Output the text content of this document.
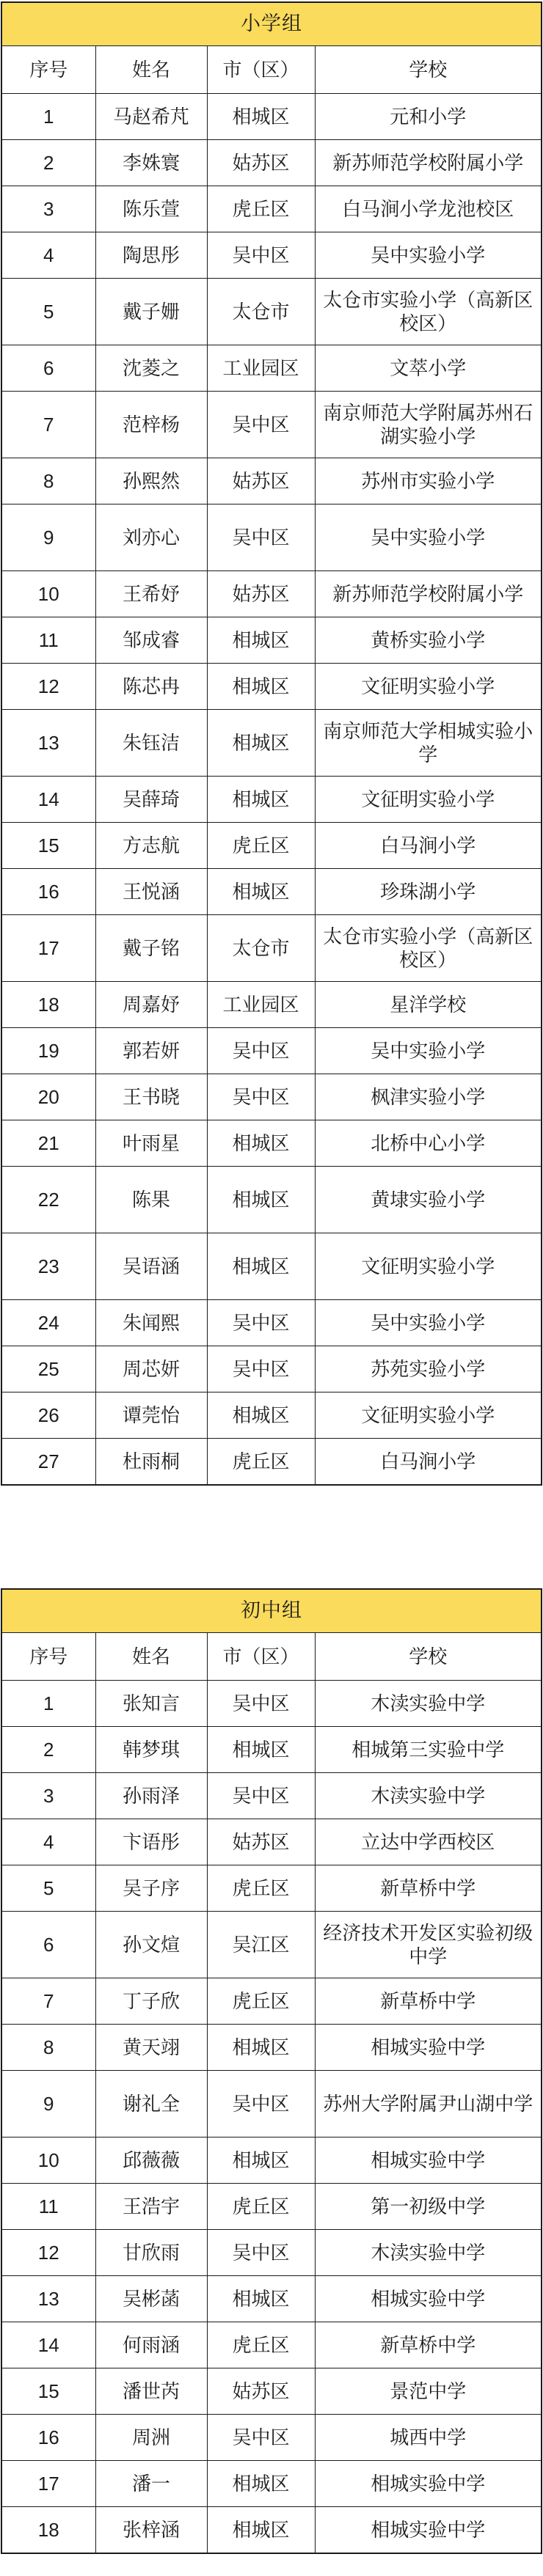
小学组			
序号	姓名	市（区）	学校
1	马赵希芃	相城区	元和小学
2	李姝寰	姑苏区	新苏师范学校附属小学
3	陈乐萱	虎丘区	白马涧小学龙池校区
4	陶思彤	吴中区	吴中实验小学
5	戴子姗	太仓市	太仓市实验小学（高新区校区）
6	沈菱之	工业园区	文萃小学
7	范梓杨	吴中区	南京师范大学附属苏州石湖实验小学
8	孙熙然	姑苏区	苏州市实验小学
9	刘亦心	吴中区	吴中实验小学
10	王希妤	姑苏区	新苏师范学校附属小学
11	邹成睿	相城区	黄桥实验小学
12	陈芯冉	相城区	文征明实验小学
13	朱钰洁	相城区	南京师范大学相城实验小学
14	吴薛琦	相城区	文征明实验小学
15	方志航	虎丘区	白马涧小学
16	王悦涵	相城区	珍珠湖小学
17	戴子铭	太仓市	太仓市实验小学（高新区校区）
18	周嘉妤	工业园区	星洋学校
19	郭若妍	吴中区	吴中实验小学
20	王书晓	吴中区	枫津实验小学
21	叶雨星	相城区	北桥中心小学
22	陈果	相城区	黄埭实验小学
23	吴语涵	相城区	文征明实验小学
24	朱闻熙	吴中区	吴中实验小学
25	周芯妍	吴中区	苏苑实验小学
26	谭莞怡	相城区	文征明实验小学
27	杜雨桐	虎丘区	白马涧小学
初中组			
序号	姓名	市（区）	学校
1	张知言	吴中区	木渎实验中学
2	韩梦琪	相城区	相城第三实验中学
3	孙雨泽	吴中区	木渎实验中学
4	卞语彤	姑苏区	立达中学西校区
5	吴子序	虎丘区	新草桥中学
6	孙文煊	吴江区	经济技术开发区实验初级中学
7	丁子欣	虎丘区	新草桥中学
8	黄天翊	相城区	相城实验中学
9	谢礼全	吴中区	苏州大学附属尹山湖中学
10	邱薇薇	相城区	相城实验中学
11	王浩宇	虎丘区	第一初级中学
12	甘欣雨	吴中区	木渎实验中学
13	吴彬菡	相城区	相城实验中学
14	何雨涵	虎丘区	新草桥中学
15	潘世芮	姑苏区	景范中学
16	周洲	吴中区	城西中学
17	潘一	相城区	相城实验中学
18	张梓涵	相城区	相城实验中学
